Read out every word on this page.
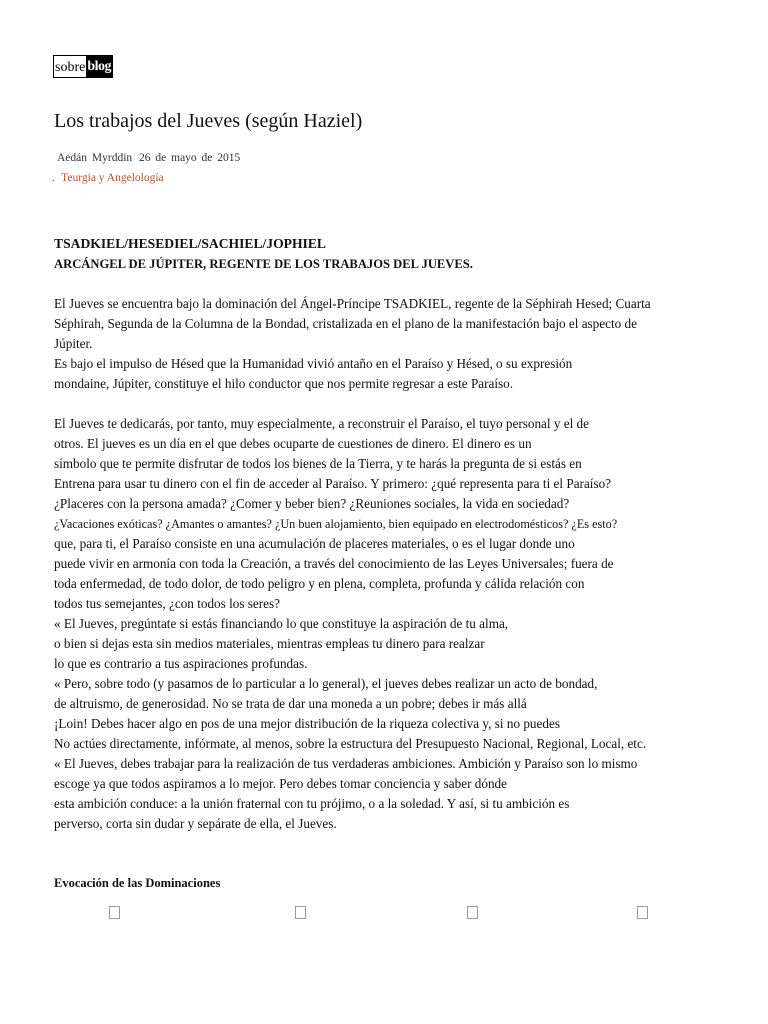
sobre blog
Los trabajos del Jueves (según Haziel)
Aedán Myrddin 26 de mayo de 2015
. Teurgia y Angelología
TSADKIEL/HESEDIEL/SACHIEL/JOPHIEL
ARCÁNGEL DE JÚPITER, REGENTE DE LOS TRABAJOS DEL JUEVES.
El Jueves se encuentra bajo la dominación del Ángel-Príncipe TSADKIEL, regente de la Séphirah Hesed; Cuarta
Séphirah, Segunda de la Columna de la Bondad, cristalizada en el plano de la manifestación bajo el aspecto de
Júpiter.
Es bajo el impulso de Hésed que la Humanidad vivió antaño en el Paraíso y Hésed, o su expresión
mondaine, Júpiter, constituye el hilo conductor que nos permite regresar a este Paraíso.
El Jueves te dedicarás, por tanto, muy especialmente, a reconstruir el Paraíso, el tuyo personal y el de
otros. El jueves es un día en el que debes ocuparte de cuestiones de dinero. El dinero es un
símbolo que te permite disfrutar de todos los bienes de la Tierra, y te harás la pregunta de si estás en
Entrena para usar tu dinero con el fin de acceder al Paraíso. Y primero: ¿qué representa para ti el Paraíso?
¿Placeres con la persona amada? ¿Comer y beber bien? ¿Reuniones sociales, la vida en sociedad?
¿Vacaciones exóticas? ¿Amantes o amantes? ¿Un buen alojamiento, bien equipado en electrodomésticos? ¿Es esto?
que, para ti, el Paraíso consiste en una acumulación de placeres materiales, o es el lugar donde uno
puede vivir en armonía con toda la Creación, a través del conocimiento de las Leyes Universales; fuera de
toda enfermedad, de todo dolor, de todo peligro y en plena, completa, profunda y cálida relación con
todos tus semejantes, ¿con todos los seres?
« El Jueves, pregúntate si estás financiando lo que constituye la aspiración de tu alma,
o bien si dejas esta sin medios materiales, mientras empleas tu dinero para realzar
lo que es contrario a tus aspiraciones profundas.
« Pero, sobre todo (y pasamos de lo particular a lo general), el jueves debes realizar un acto de bondad,
de altruismo, de generosidad. No se trata de dar una moneda a un pobre; debes ir más allá
¡Loin! Debes hacer algo en pos de una mejor distribución de la riqueza colectiva y, si no puedes
No actúes directamente, infórmate, al menos, sobre la estructura del Presupuesto Nacional, Regional, Local, etc.
« El Jueves, debes trabajar para la realización de tus verdaderas ambiciones. Ambición y Paraíso son lo mismo
escoge ya que todos aspiramos a lo mejor. Pero debes tomar conciencia y saber dónde
esta ambición conduce: a la unión fraternal con tu prójimo, o a la soledad. Y así, si tu ambición es
perverso, corta sin dudar y sepárate de ella, el Jueves.
Evocación de las Dominaciones
